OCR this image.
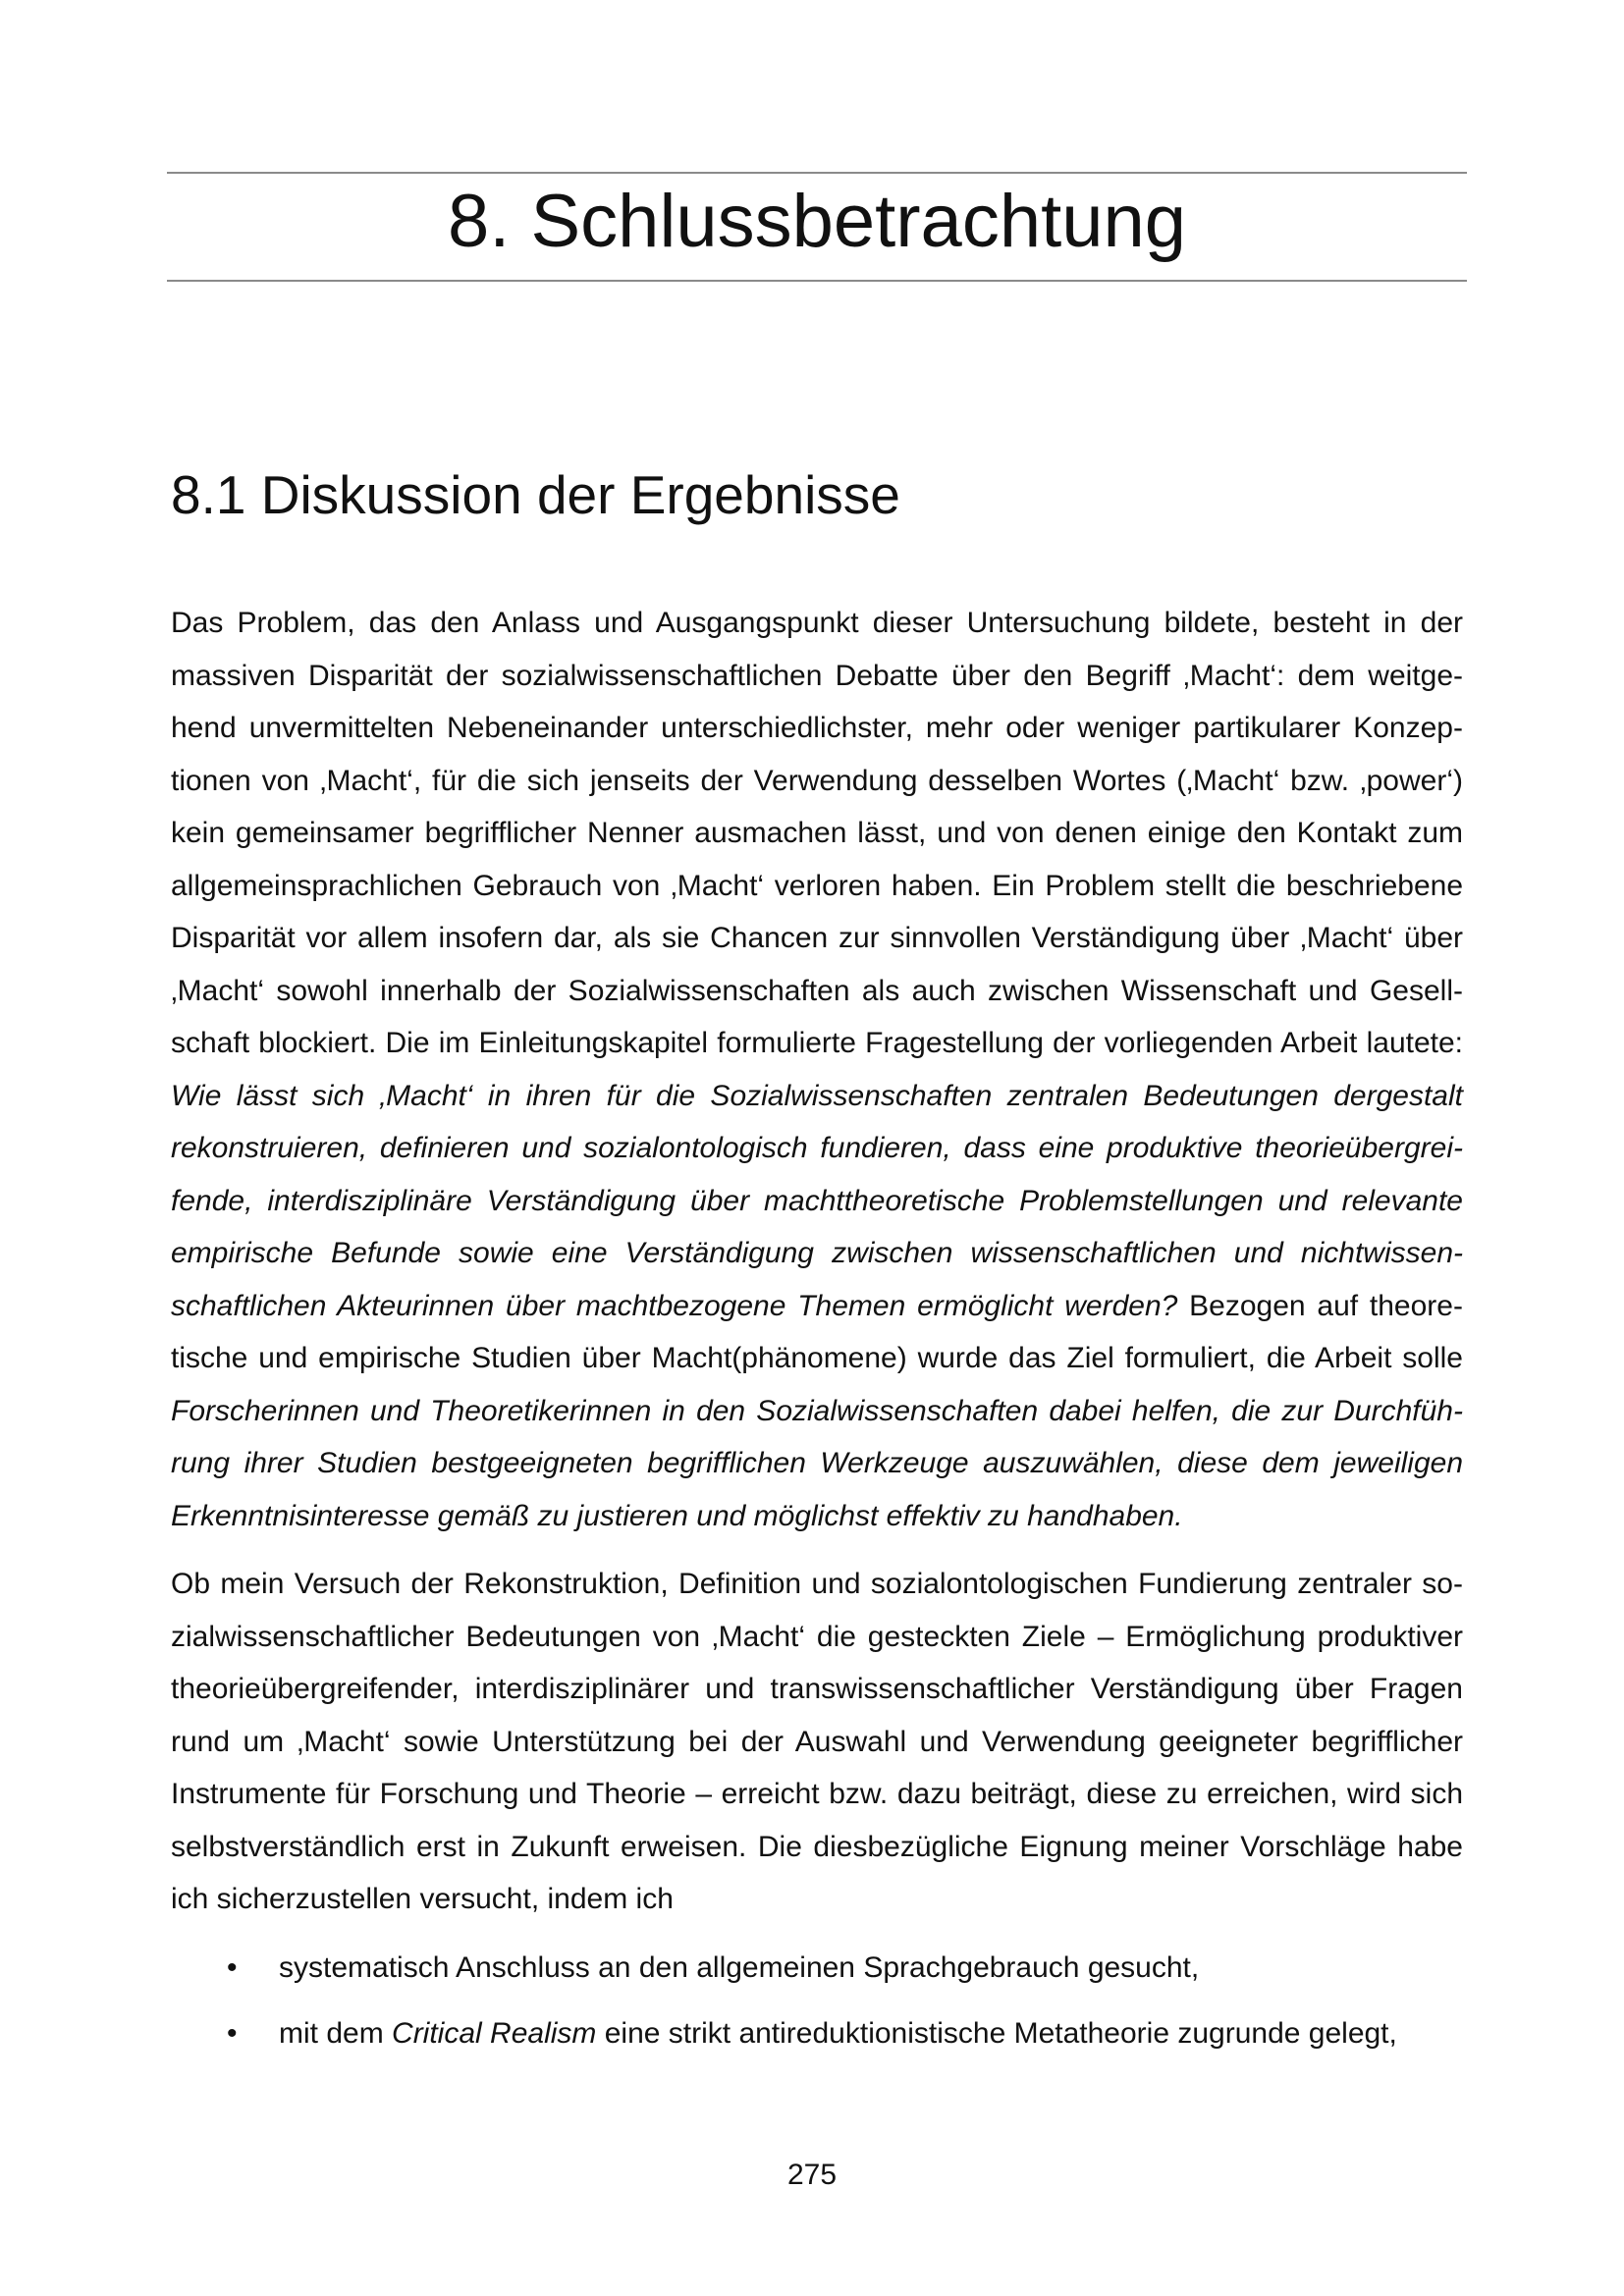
8. Schlussbetrachtung
8.1 Diskussion der Ergebnisse

Das Problem, das den Anlass und Ausgangspunkt dieser Untersuchung bildete, besteht in der massiven Disparität der sozialwissenschaftlichen Debatte über den Begriff ‚Macht‘: dem weitgehend unvermittelten Nebeneinander unterschiedlichster, mehr oder weniger partikularer Konzeptionen von ‚Macht‘, für die sich jenseits der Verwendung desselben Wortes (‚Macht‘ bzw. ‚power‘) kein gemeinsamer begrifflicher Nenner ausmachen lässt, und von denen einige den Kontakt zum allgemeinsprachlichen Gebrauch von ‚Macht‘ verloren haben. Ein Problem stellt die beschriebene Disparität vor allem insofern dar, als sie Chancen zur sinnvollen Verständigung über ‚Macht‘ über ‚Macht‘ sowohl innerhalb der Sozialwissenschaften als auch zwischen Wissenschaft und Gesellschaft blockiert. Die im Einleitungskapitel formulierte Fragestellung der vorliegenden Arbeit lautete: Wie lässt sich ‚Macht‘ in ihren für die Sozialwissenschaften zentralen Bedeutungen dergestalt rekonstruieren, definieren und sozialontologisch fundieren, dass eine produktive theorieübergreifende, interdisziplinäre Verständigung über machttheoretische Problemstellungen und relevante empirische Befunde sowie eine Verständigung zwischen wissenschaftlichen und nichtwissenschaftlichen Akteurinnen über machtbezogene Themen ermöglicht werden? Bezogen auf theoretische und empirische Studien über Macht(phänomene) wurde das Ziel formuliert, die Arbeit solle Forscherinnen und Theoretikerinnen in den Sozialwissenschaften dabei helfen, die zur Durchführung ihrer Studien bestgeeigneten begrifflichen Werkzeuge auszuwählen, diese dem jeweiligen Erkenntnisinteresse gemäß zu justieren und möglichst effektiv zu handhaben.

Ob mein Versuch der Rekonstruktion, Definition und sozialontologischen Fundierung zentraler sozialwissenschaftlicher Bedeutungen von ‚Macht‘ die gesteckten Ziele – Ermöglichung produktiver theorieübergreifender, interdisziplinärer und transwissenschaftlicher Verständigung über Fragen rund um ‚Macht‘ sowie Unterstützung bei der Auswahl und Verwendung geeigneter begrifflicher Instrumente für Forschung und Theorie – erreicht bzw. dazu beiträgt, diese zu erreichen, wird sich selbstverständlich erst in Zukunft erweisen. Die diesbezügliche Eignung meiner Vorschläge habe ich sicherzustellen versucht, indem ich

• systematisch Anschluss an den allgemeinen Sprachgebrauch gesucht,
• mit dem Critical Realism eine strikt antireduktionistische Metatheorie zugrunde gelegt,
275
